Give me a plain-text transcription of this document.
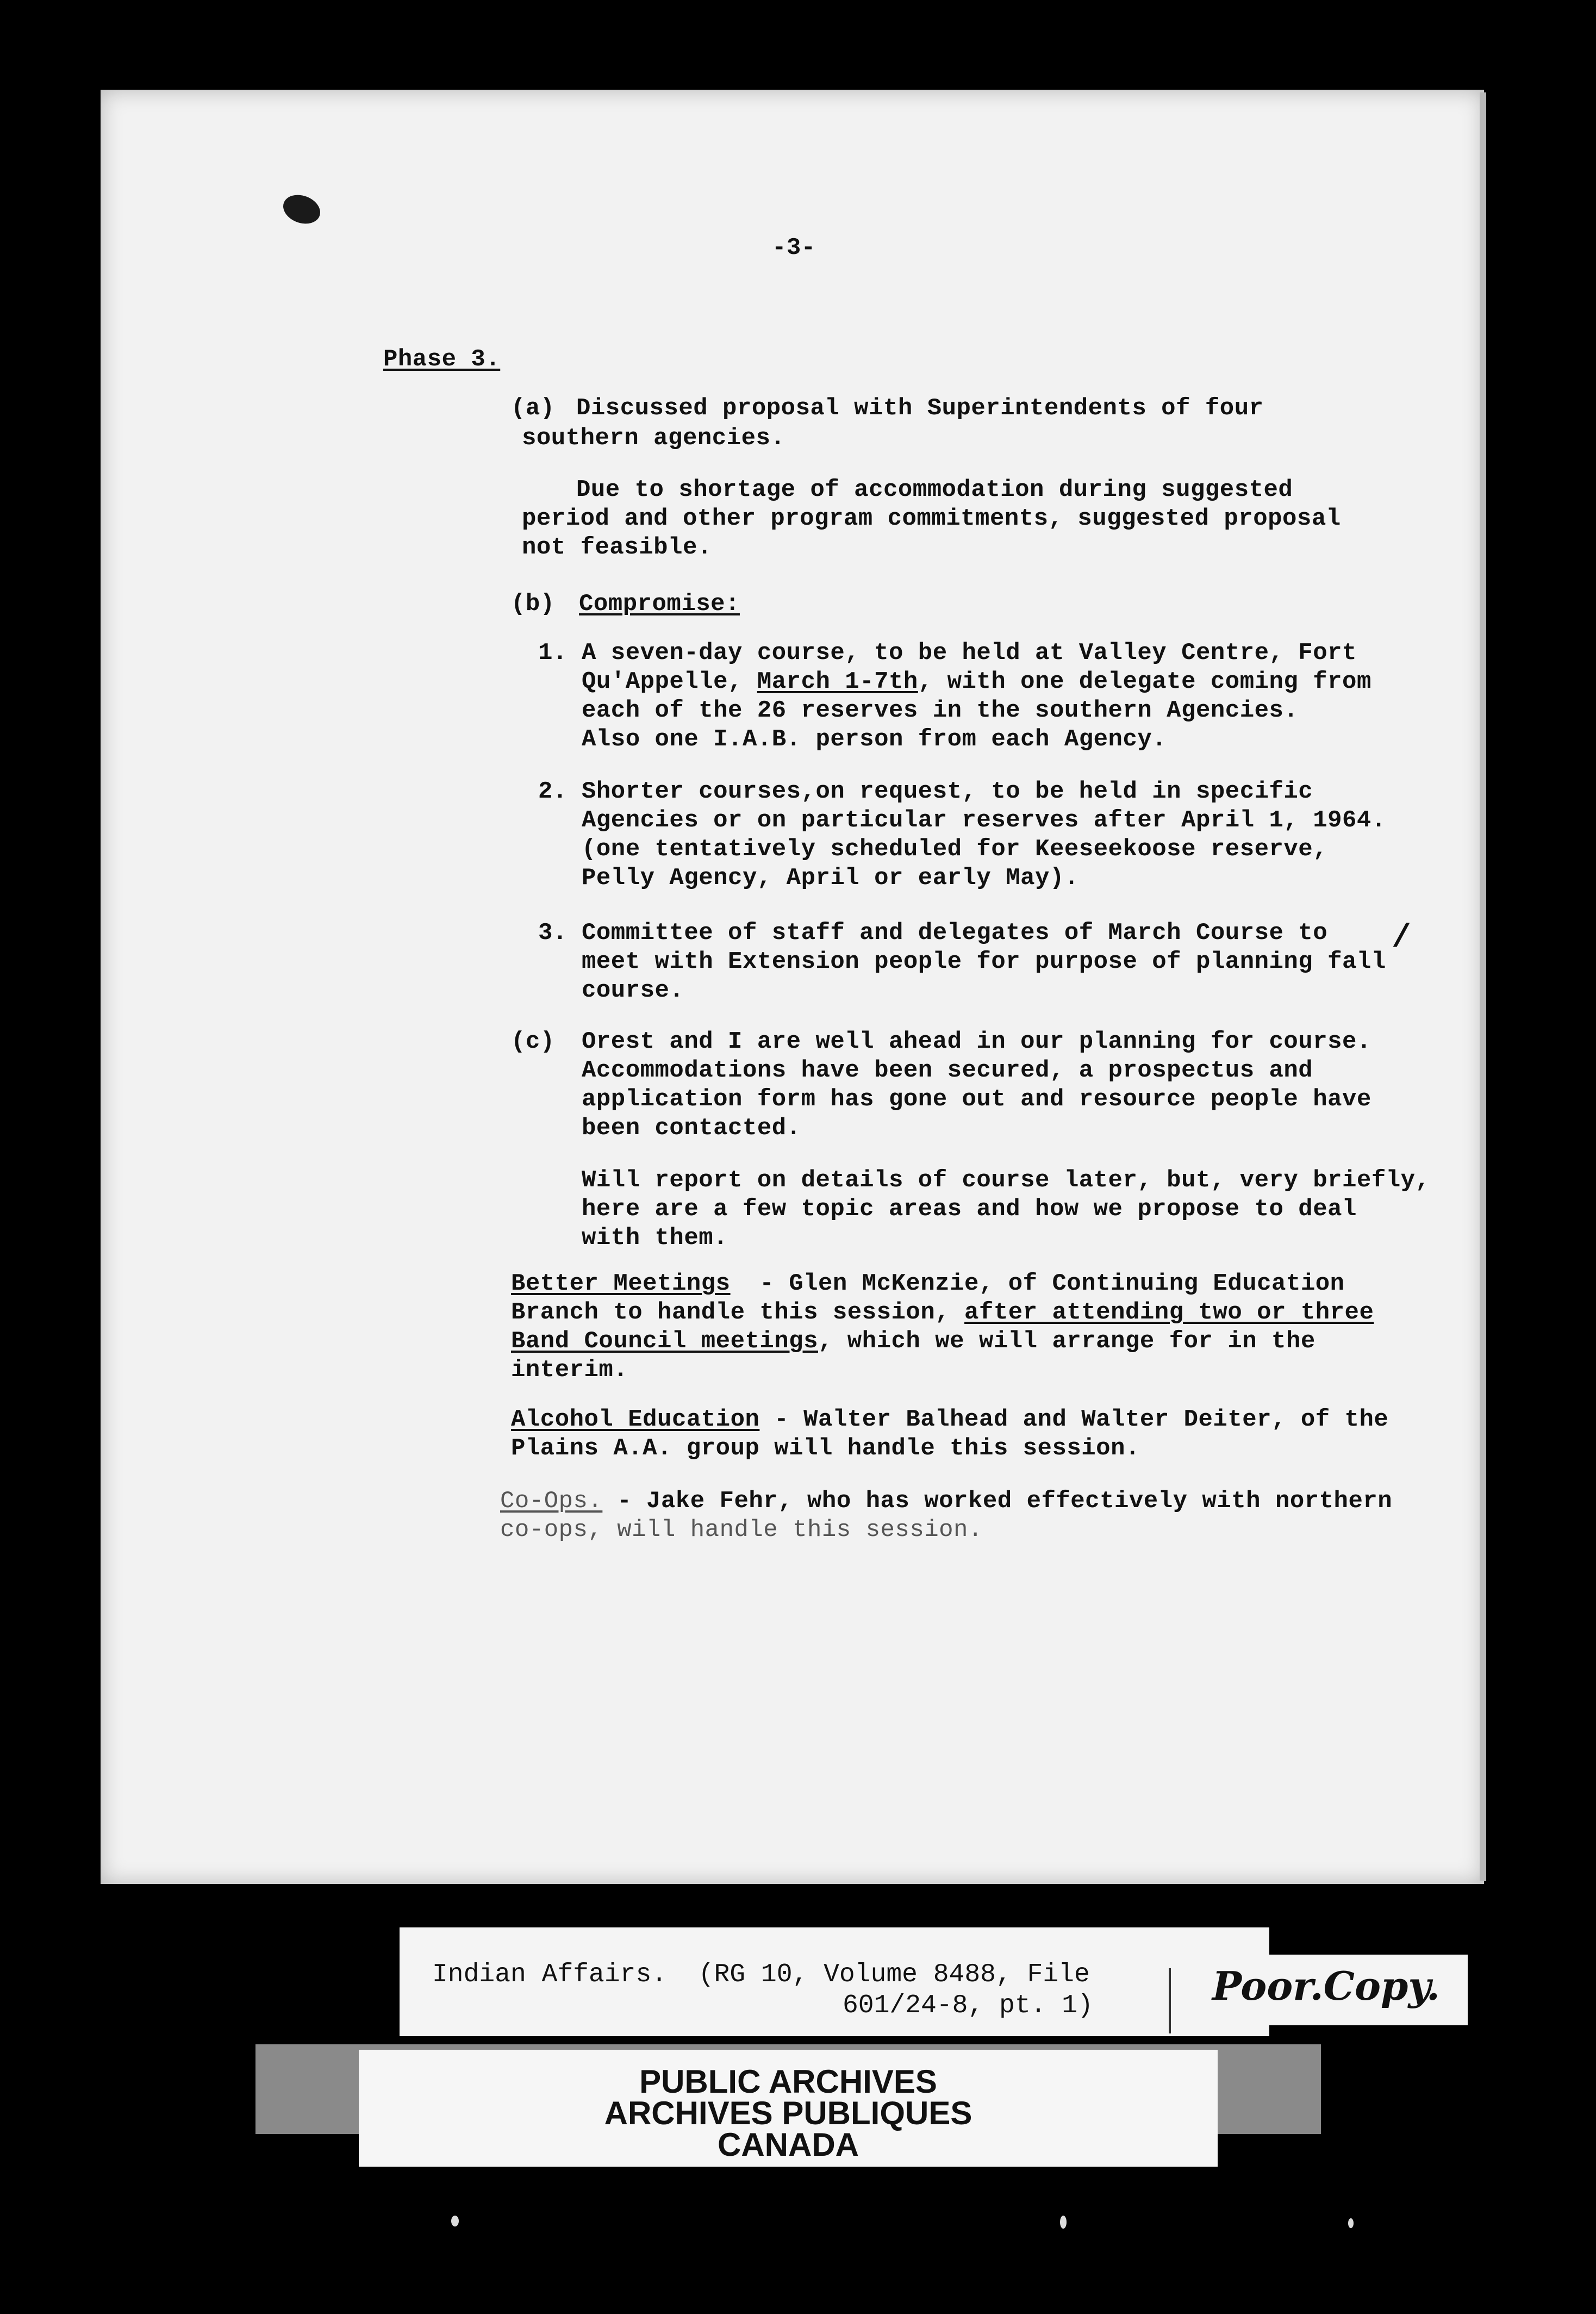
-3-
Phase 3.
(a) Discussed proposal with Superintendents of four
southern agencies.
Due to shortage of accommodation during suggested
period and other program commitments, suggested proposal
not feasible.
(b) Compromise:
1. A seven-day course, to be held at Valley Centre, Fort
Qu'Appelle, March 1-7th, with one delegate coming from
each of the 26 reserves in the southern Agencies.
Also one I.A.B. person from each Agency.
2. Shorter courses,on request, to be held in specific
Agencies or on particular reserves after April 1, 1964.
(one tentatively scheduled for Keeseekoose reserve,
Pelly Agency, April or early May).
3. Committee of staff and delegates of March Course to
meet with Extension people for purpose of planning fall
course.
(c) Orest and I are well ahead in our planning for course.
Accommodations have been secured, a prospectus and
application form has gone out and resource people have
been contacted.
Will report on details of course later, but, very briefly,
here are a few topic areas and how we propose to deal
with them.
Better Meetings  - Glen McKenzie, of Continuing Education
Branch to handle this session, after attending two or three
Band Council meetings, which we will arrange for in the
interim.
Alcohol Education - Walter Balhead and Walter Deiter, of the
Plains A.A. group will handle this session.
Co-Ops. - Jake Fehr, who has worked effectively with northern
co-ops, will handle this session.
/
Indian Affairs.  (RG 10, Volume 8488, File
601/24-8, pt. 1)	Poor.Copy.
PUBLIC ARCHIVES
ARCHIVES PUBLIQUES
CANADA
